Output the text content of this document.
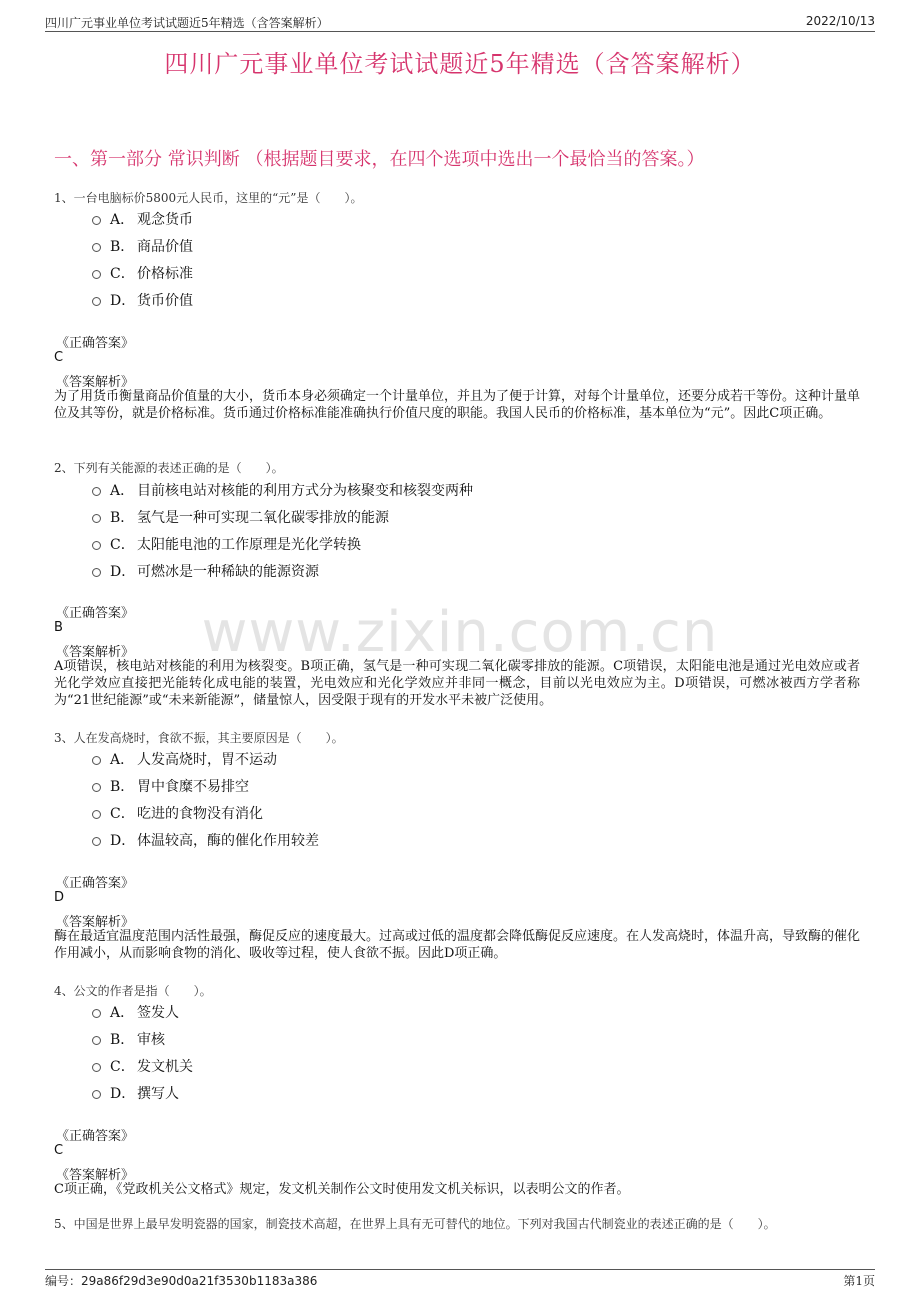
四川广元事业单位考试试题近5年精选（含答案解析）	2022/10/13
四川广元事业单位考试试题近5年精选（含答案解析）
www.zixin.com.cn
一、第一部分 常识判断 （根据题目要求，在四个选项中选出一个最恰当的答案。）
1、一台电脑标价5800元人民币，这里的“元”是（　　）。
A． 观念货币
B． 商品价值
C． 价格标准
D． 货币价值
《正确答案》
C
《答案解析》
为了用货币衡量商品价值量的大小，货币本身必须确定一个计量单位，并且为了便于计算，对每个计量单位，还要分成若干等份。这种计量单位及其等份，就是价格标准。货币通过价格标准能准确执行价值尺度的职能。我国人民币的价格标准，基本单位为“元”。因此C项正确。
2、下列有关能源的表述正确的是（　　）。
A． 目前核电站对核能的利用方式分为核聚变和核裂变两种
B． 氢气是一种可实现二氧化碳零排放的能源
C． 太阳能电池的工作原理是光化学转换
D． 可燃冰是一种稀缺的能源资源
《正确答案》
B
《答案解析》
A项错误，核电站对核能的利用为核裂变。B项正确，氢气是一种可实现二氧化碳零排放的能源。C项错误，太阳能电池是通过光电效应或者光化学效应直接把光能转化成电能的装置，光电效应和光化学效应并非同一概念，目前以光电效应为主。D项错误，可燃冰被西方学者称为“21世纪能源”或“未来新能源”，储量惊人，因受限于现有的开发水平未被广泛使用。
3、人在发高烧时，食欲不振，其主要原因是（　　）。
A． 人发高烧时，胃不运动
B． 胃中食糜不易排空
C． 吃进的食物没有消化
D． 体温较高，酶的催化作用较差
《正确答案》
D
《答案解析》
酶在最适宜温度范围内活性最强，酶促反应的速度最大。过高或过低的温度都会降低酶促反应速度。在人发高烧时，体温升高，导致酶的催化作用减小，从而影响食物的消化、吸收等过程，使人食欲不振。因此D项正确。
4、公文的作者是指（　　）。
A． 签发人
B． 审核
C． 发文机关
D． 撰写人
《正确答案》
C
《答案解析》
C项正确，《党政机关公文格式》规定，发文机关制作公文时使用发文机关标识，以表明公文的作者。
5、中国是世界上最早发明瓷器的国家，制瓷技术高超，在世界上具有无可替代的地位。下列对我国古代制瓷业的表述正确的是（　　）。
编号：29a86f29d3e90d0a21f3530b1183a386	第1页
